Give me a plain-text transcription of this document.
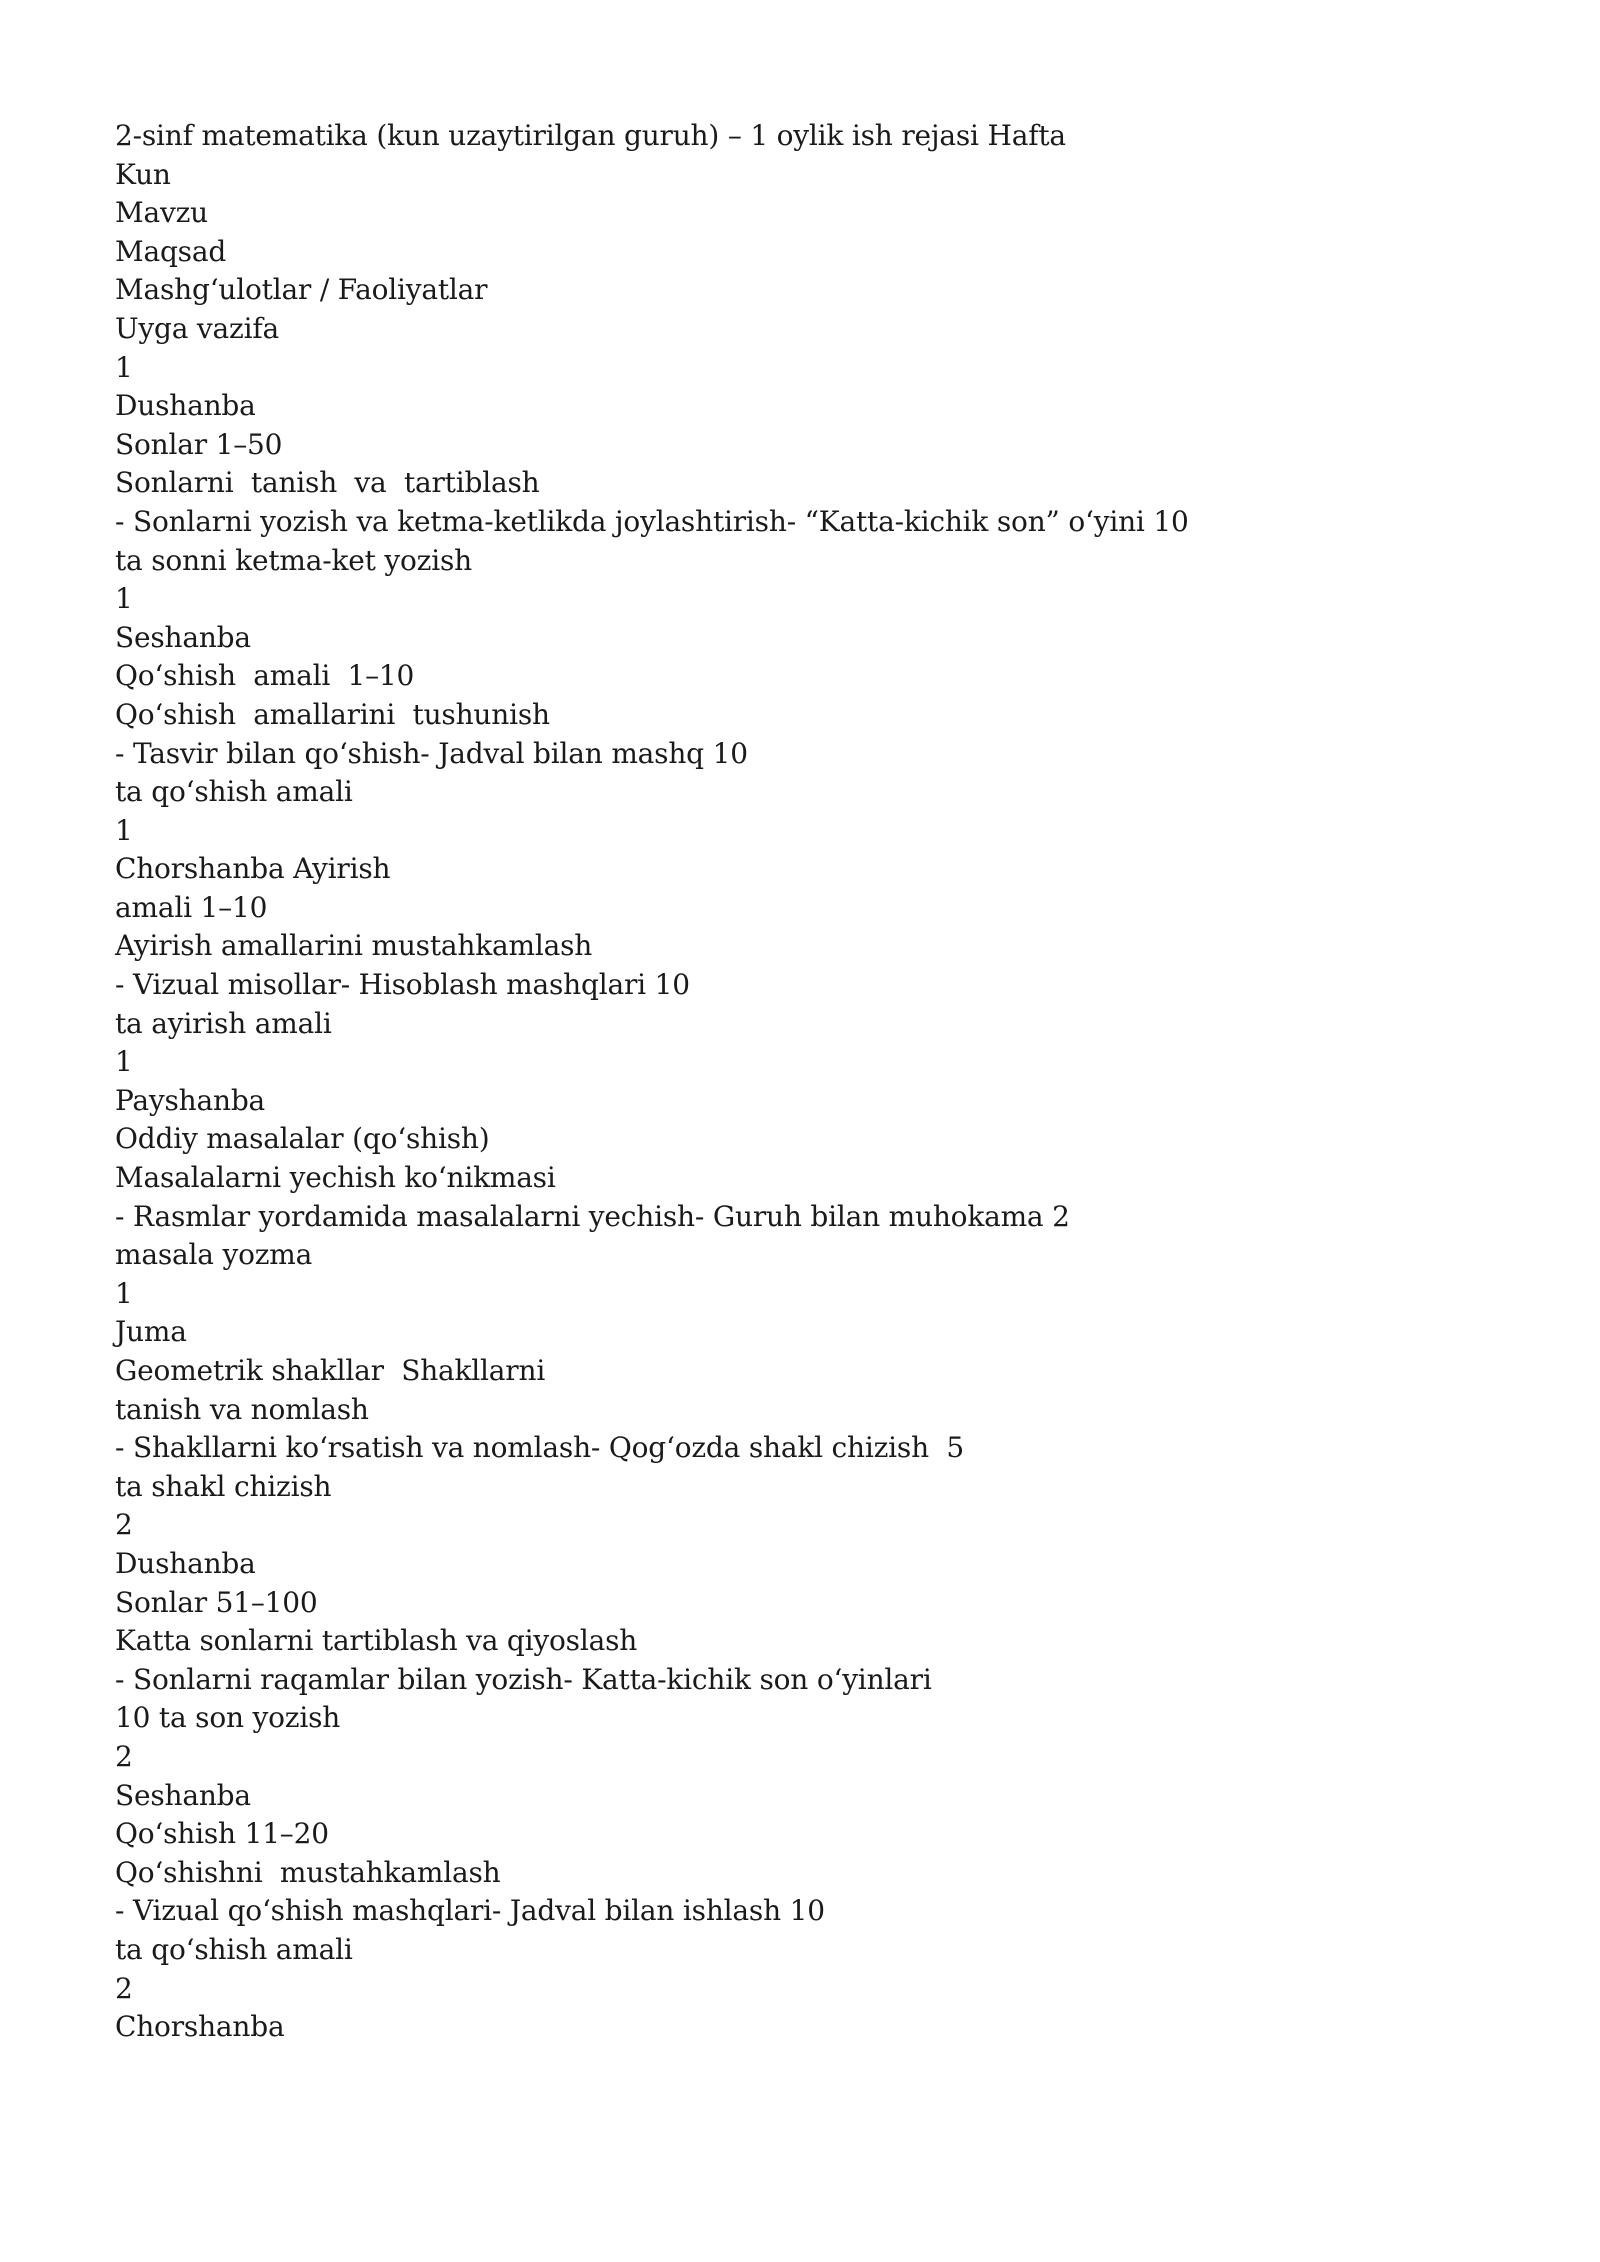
2-sinf matematika (kun uzaytirilgan guruh) – 1 oylik ish rejasi Hafta

Kun

Mavzu

Maqsad

Mashg‘ulotlar / Faoliyatlar

Uyga vazifa

1

Dushanba

Sonlar 1–50

Sonlarni  tanish  va  tartiblash

- Sonlarni yozish va ketma-ketlikda joylashtirish- “Katta-kichik son” o‘yini 10

ta sonni ketma-ket yozish

1

Seshanba

Qo‘shish  amali  1–10

Qo‘shish  amallarini  tushunish

- Tasvir bilan qo‘shish- Jadval bilan mashq 10

ta qo‘shish amali

1

Chorshanba Ayirish

amali 1–10

Ayirish amallarini mustahkamlash

- Vizual misollar- Hisoblash mashqlari 10

ta ayirish amali

1

Payshanba

Oddiy masalalar (qo‘shish)

Masalalarni yechish ko‘nikmasi

- Rasmlar yordamida masalalarni yechish- Guruh bilan muhokama 2

masala yozma

1

Juma

Geometrik shakllar  Shakllarni

tanish va nomlash

- Shakllarni ko‘rsatish va nomlash- Qog‘ozda shakl chizish  5

ta shakl chizish

2

Dushanba

Sonlar 51–100

Katta sonlarni tartiblash va qiyoslash

- Sonlarni raqamlar bilan yozish- Katta-kichik son o‘yinlari

10 ta son yozish

2

Seshanba

Qo‘shish 11–20

Qo‘shishni  mustahkamlash

- Vizual qo‘shish mashqlari- Jadval bilan ishlash 10

ta qo‘shish amali

2

Chorshanba
